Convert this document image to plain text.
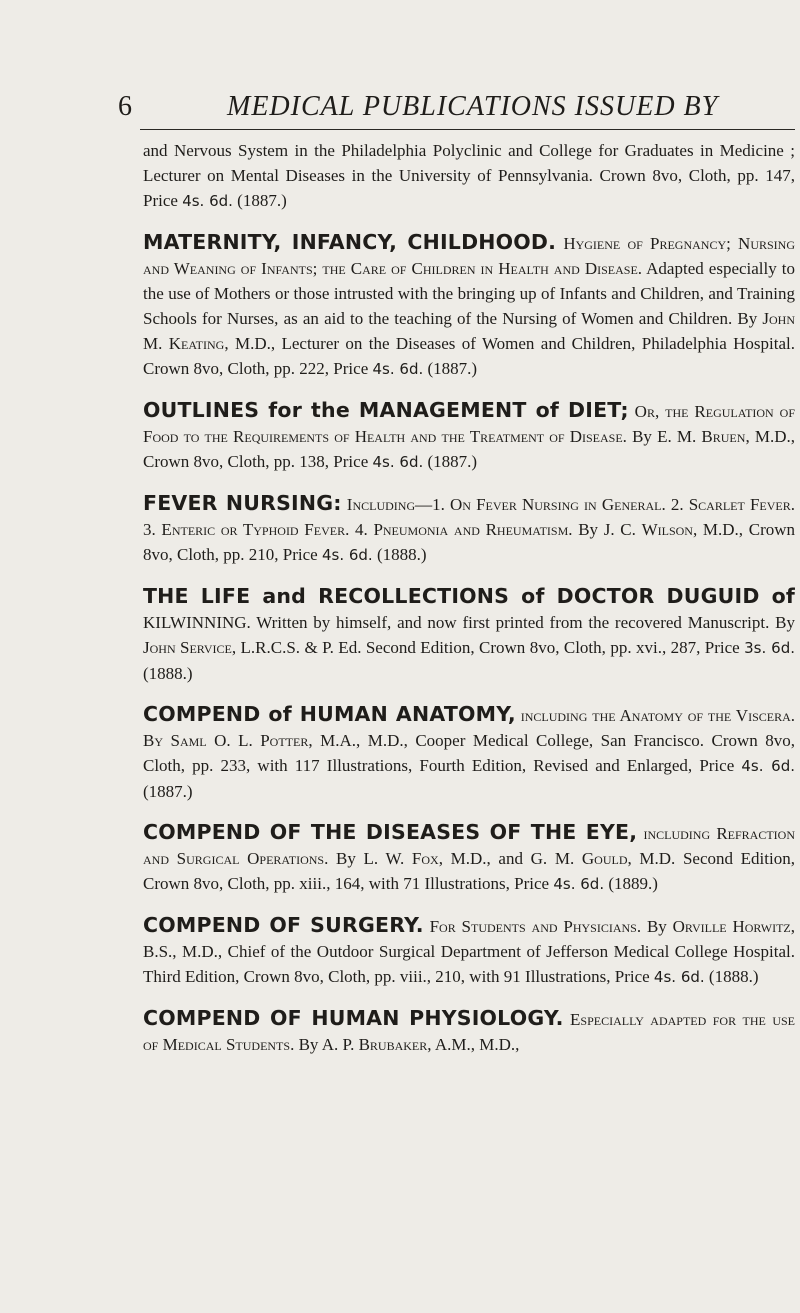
6	MEDICAL PUBLICATIONS ISSUED BY

and Nervous System in the Philadelphia Polyclinic and College for Graduates in Medicine ; Lecturer on Mental Diseases in the University of Pennsylvania. Crown 8vo, Cloth, pp. 147, Price 4s. 6d. (1887.)

MATERNITY, INFANCY, CHILDHOOD. Hygiene of Pregnancy; Nursing and Weaning of Infants; the Care of Children in Health and Disease. Adapted especially to the use of Mothers or those intrusted with the bringing up of Infants and Children, and Training Schools for Nurses, as an aid to the teaching of the Nursing of Women and Children. By John M. Keating, M.D., Lecturer on the Diseases of Women and Children, Philadelphia Hospital. Crown 8vo, Cloth, pp. 222, Price 4s. 6d. (1887.)

OUTLINES for the MANAGEMENT of DIET; Or, the Regulation of Food to the Requirements of Health and the Treatment of Disease. By E. M. Bruen, M.D., Crown 8vo, Cloth, pp. 138, Price 4s. 6d. (1887.)

FEVER NURSING: Including—1. On Fever Nursing in General. 2. Scarlet Fever. 3. Enteric or Typhoid Fever. 4. Pneumonia and Rheumatism. By J. C. Wilson, M.D., Crown 8vo, Cloth, pp. 210, Price 4s. 6d. (1888.)

THE LIFE and RECOLLECTIONS of DOCTOR DUGUID of KILWINNING. Written by himself, and now first printed from the recovered Manuscript. By John Service, L.R.C.S. & P. Ed. Second Edition, Crown 8vo, Cloth, pp. xvi., 287, Price 3s. 6d. (1888.)

COMPEND of HUMAN ANATOMY, including the Anatomy of the Viscera. By Saml O. L. Potter, M.A., M.D., Cooper Medical College, San Francisco. Crown 8vo, Cloth, pp. 233, with 117 Illustrations, Fourth Edition, Revised and Enlarged, Price 4s. 6d. (1887.)

COMPEND OF THE DISEASES OF THE EYE, including Refraction and Surgical Operations. By L. W. Fox, M.D., and G. M. Gould, M.D. Second Edition, Crown 8vo, Cloth, pp. xiii., 164, with 71 Illustrations, Price 4s. 6d. (1889.)

COMPEND OF SURGERY. For Students and Physicians. By Orville Horwitz, B.S., M.D., Chief of the Outdoor Surgical Department of Jefferson Medical College Hospital. Third Edition, Crown 8vo, Cloth, pp. viii., 210, with 91 Illustrations, Price 4s. 6d. (1888.)

COMPEND OF HUMAN PHYSIOLOGY. Especially adapted for the use of Medical Students. By A. P. Brubaker, A.M., M.D.,
